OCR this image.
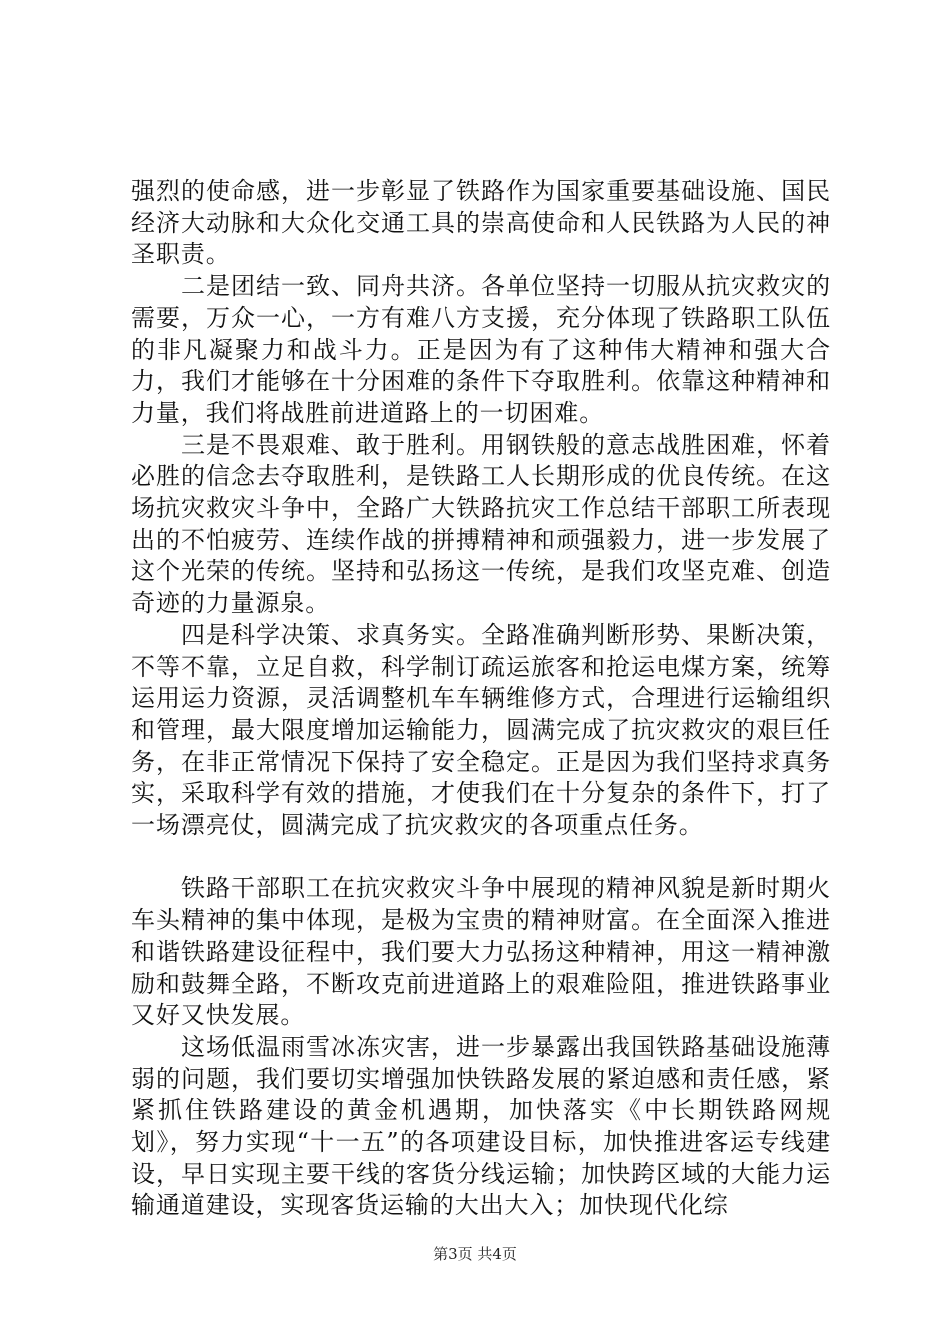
强烈的使命感，进一步彰显了铁路作为国家重要基础设施、国民经济大动脉和大众化交通工具的崇高使命和人民铁路为人民的神圣职责。

二是团结一致、同舟共济。各单位坚持一切服从抗灾救灾的需要，万众一心，一方有难八方支援，充分体现了铁路职工队伍的非凡凝聚力和战斗力。正是因为有了这种伟大精神和强大合力，我们才能够在十分困难的条件下夺取胜利。依靠这种精神和力量，我们将战胜前进道路上的一切困难。

三是不畏艰难、敢于胜利。用钢铁般的意志战胜困难，怀着必胜的信念去夺取胜利，是铁路工人长期形成的优良传统。在这场抗灾救灾斗争中，全路广大铁路抗灾工作总结干部职工所表现出的不怕疲劳、连续作战的拼搏精神和顽强毅力，进一步发展了这个光荣的传统。坚持和弘扬这一传统，是我们攻坚克难、创造奇迹的力量源泉。

四是科学决策、求真务实。全路准确判断形势、果断决策，不等不靠，立足自救，科学制订疏运旅客和抢运电煤方案，统筹运用运力资源，灵活调整机车车辆维修方式，合理进行运输组织和管理，最大限度增加运输能力，圆满完成了抗灾救灾的艰巨任务，在非正常情况下保持了安全稳定。正是因为我们坚持求真务实，采取科学有效的措施，才使我们在十分复杂的条件下，打了一场漂亮仗，圆满完成了抗灾救灾的各项重点任务。

铁路干部职工在抗灾救灾斗争中展现的精神风貌是新时期火车头精神的集中体现，是极为宝贵的精神财富。在全面深入推进和谐铁路建设征程中，我们要大力弘扬这种精神，用这一精神激励和鼓舞全路，不断攻克前进道路上的艰难险阻，推进铁路事业又好又快发展。

这场低温雨雪冰冻灾害，进一步暴露出我国铁路基础设施薄弱的问题，我们要切实增强加快铁路发展的紧迫感和责任感，紧紧抓住铁路建设的黄金机遇期，加快落实《中长期铁路网规划》，努力实现“十一五”的各项建设目标，加快推进客运专线建设，早日实现主要干线的客货分线运输；加快跨区域的大能力运输通道建设，实现客货运输的大出大入；加快现代化综

第3页 共4页
